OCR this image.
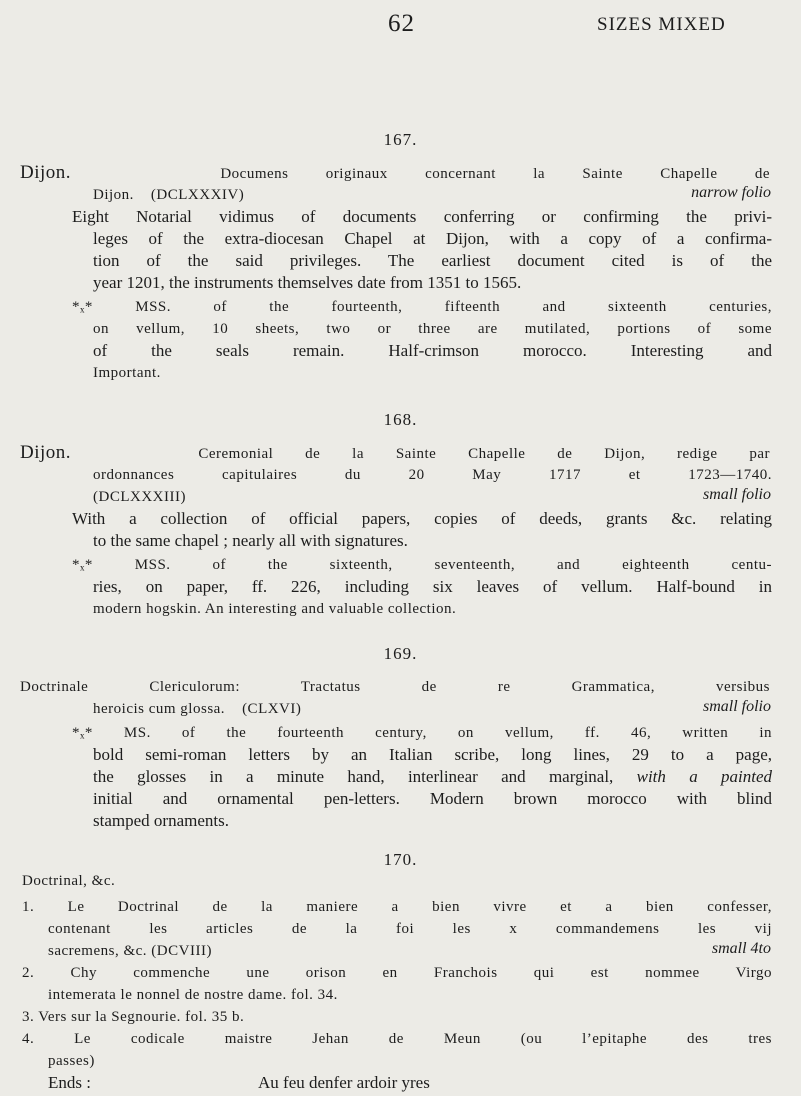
62	SIZES MIXED
167.
Dijon.	Documens originaux concernant la Sainte Chapelle de
Dijon. (DCLXXXIV)	narrow folio
Eight Notarial vidimus of documents conferring or confirming the privi-
leges of the extra-diocesan Chapel at Dijon, with a copy of a confirma-
tion of the said privileges. The earliest document cited is of the
year 1201, the instruments themselves date from 1351 to 1565.
*ₓ* MSS. of the fourteenth, fifteenth and sixteenth centuries,
on vellum, 10 sheets, two or three are mutilated, portions of some
of the seals remain. Half-crimson morocco. Interesting and
Important.
168.
Dijon.	Ceremonial de la Sainte Chapelle de Dijon, redige par
ordonnances capitulaires du 20 May 1717 et 1723—1740.
(DCLXXXIII)	small folio
With a collection of official papers, copies of deeds, grants &c. relating
to the same chapel ; nearly all with signatures.
*ₓ* MSS. of the sixteenth, seventeenth, and eighteenth centu-
ries, on paper, ff. 226, including six leaves of vellum. Half-bound in
modern hogskin. An interesting and valuable collection.
169.
Doctrinale Clericulorum: Tractatus de re Grammatica, versibus
heroicis cum glossa. (CLXVI)	small folio
*ₓ* MS. of the fourteenth century, on vellum, ff. 46, written in
bold semi-roman letters by an Italian scribe, long lines, 29 to a page,
the glosses in a minute hand, interlinear and marginal, with a painted
initial and ornamental pen-letters. Modern brown morocco with blind
stamped ornaments.
170.
Doctrinal, &c.
1. Le Doctrinal de la maniere a bien vivre et a bien confesser,
contenant les articles de la foi les x commandemens les vij
sacremens, &c. (DCVIII)	small 4to
2. Chy commenche une orison en Franchois qui est nommee Virgo
intemerata le nonnel de nostre dame. fol. 34.
3. Vers sur la Segnourie. fol. 35 b.
4. Le codicale maistre Jehan de Meun (ou l’epitaphe des tres
passes)
Ends :	Au feu denfer ardoir yres
